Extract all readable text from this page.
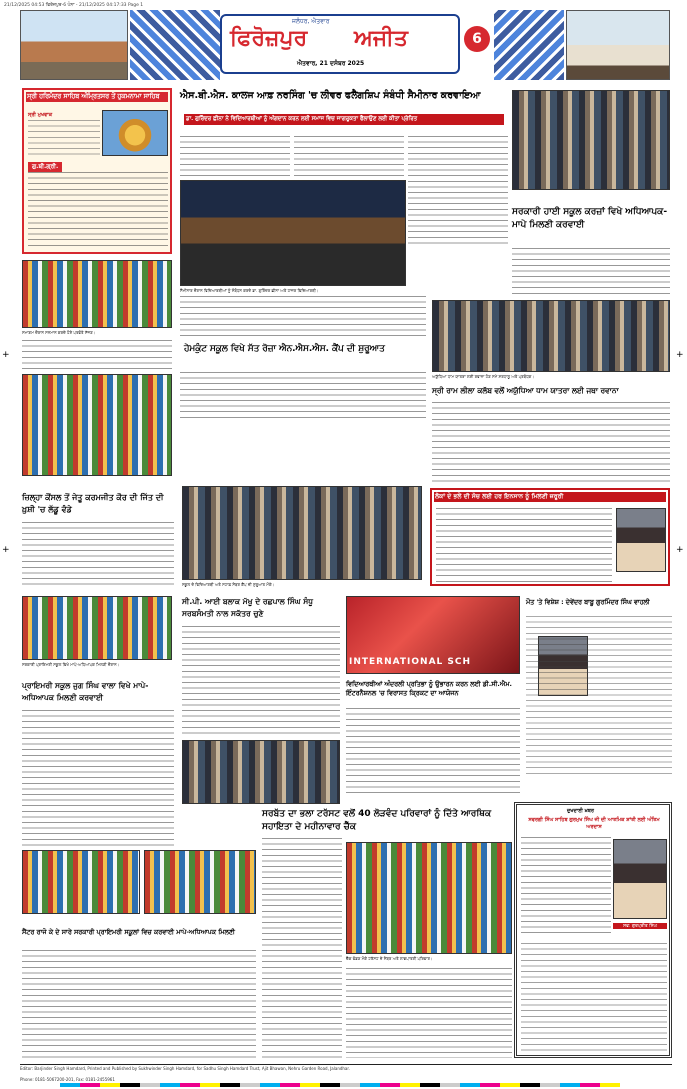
+
+
+
+
21/12/2025 04:53 ਫਿਰੋਜ਼ਪੁਰ-6 ਪੰਨਾ - 21/12/2025 04:17:33 Page 1
ਜਲੰਧਰ, ਐਤਵਾਰ
ਫਿਰੋਜ਼ਪੁਰ ਅਜੀਤ
ਐਤਵਾਰ, 21 ਦਸੰਬਰ 2025
6
ਸ੍ਰੀ ਹਰਿਮੰਦਰ ਸਾਹਿਬ ਅੰਮ੍ਰਿਤਸਰ ਤੋਂ ਹੁਕਮਨਾਮਾ ਸਾਹਿਬ
ਸ੍ਰੀ ਮੁਖਵਾਕ
ਗੁ.ਬੀ.ਗ੍ਰੀ.
ਐਸ.ਬੀ.ਐਸ. ਕਾਲਜ ਆਫ਼ ਨਰਸਿੰਗ 'ਚ ਲੀਵਰ ਫਲੈਗਸ਼ਿਪ ਸੰਬੰਧੀ ਸੈਮੀਨਾਰ ਕਰਵਾਇਆ
ਡਾ. ਗੁਰਿੰਦਰ ਛੀਨਾ ਨੇ ਵਿਦਿਆਰਥੀਆਂ ਨੂੰ ਅੰਗਦਾਨ ਕਰਨ ਲਈ ਸਮਾਜ ਵਿਚ ਜਾਗਰੂਕਤਾ ਫੈਲਾਉਣ ਲਈ ਕੀਤਾ ਪ੍ਰੇਰਿਤ
ਸੈਮੀਨਾਰ ਦੌਰਾਨ ਵਿਦਿਆਰਥੀਆਂ ਨੂੰ ਸੰਬੋਧਨ ਕਰਦੇ ਡਾ. ਗੁਰਿੰਦਰ ਛੀਨਾ ਅਤੇ ਹਾਜ਼ਰ ਵਿਦਿਆਰਥੀ।
ਸਰਕਾਰੀ ਹਾਈ ਸਕੂਲ ਕਰਜ਼ਾਂ ਵਿਖੇ ਅਧਿਆਪਕ-ਮਾਪੇ ਮਿਲਣੀ ਕਰਵਾਈ
ਸਮਾਗਮ ਦੌਰਾਨ ਸਨਮਾਨ ਕਰਦੇ ਹੋਏ ਪਤਵੰਤੇ ਸੱਜਣ।
ਹੇਮਕੁੰਟ ਸਕੂਲ ਵਿਖੇ ਸੱਤ ਰੋਜ਼ਾ ਐਨ.ਐਸ.ਐਸ. ਕੈਂਪ ਦੀ ਸ਼ੁਰੂਆਤ
ਅਯੁੱਧਿਆ ਧਾਮ ਯਾਤਰਾ ਲਈ ਰਵਾਨਾ ਹੋਣ ਸਮੇਂ ਸ਼ਰਧਾਲੂ ਅਤੇ ਪ੍ਰਬੰਧਕ।
ਸ੍ਰੀ ਰਾਮ ਲੀਲਾ ਕਲੱਬ ਵਲੋਂ ਅਯੁੱਧਿਆ ਧਾਮ ਯਾਤਰਾ ਲਈ ਜਥਾ ਰਵਾਨਾ
ਜ਼ਿਲ੍ਹਾ ਕੌਂਸਲ ਤੋਂ ਜੇਤੂ ਕਰਮਜੀਤ ਕੌਰ ਦੀ ਜਿੱਤ ਦੀ ਖ਼ੁਸ਼ੀ 'ਚ ਲੱਡੂ ਵੰਡੇ
ਸਕੂਲ ਦੇ ਵਿਦਿਆਰਥੀ ਅਤੇ ਸਟਾਫ਼ ਮੈਂਬਰ ਕੈਂਪ ਦੀ ਸ਼ੁਰੂਆਤ ਮੌਕੇ।
ਲੋਕਾਂ ਦੇ ਭਲੇ ਦੀ ਸੋਚ ਲਈ ਹਰ ਇਨਸਾਨ ਨੂੰ ਮਿਲਣੀ ਜ਼ਰੂਰੀ
ਸਰਕਾਰੀ ਪ੍ਰਾਇਮਰੀ ਸਕੂਲ ਵਿਖੇ ਮਾਪੇ-ਅਧਿਆਪਕ ਮਿਲਣੀ ਦੌਰਾਨ।
ਪ੍ਰਾਇਮਰੀ ਸਕੂਲ ਜੁਗ ਸਿੰਘ ਵਾਲਾ ਵਿਖੇ ਮਾਪੇ-ਅਧਿਆਪਕ ਮਿਲਣੀ ਕਰਵਾਈ
ਸੀ.ਪੀ. ਆਈ ਬਲਾਕ ਮੱਖੂ ਦੇ ਰਛਪਾਲ ਸਿੰਘ ਸੰਧੂ ਸਰਬਸੰਮਤੀ ਨਾਲ ਸਕੱਤਰ ਚੁਣੇ
INTERNATIONAL SCH
ਵਿਦਿਆਰਥੀਆਂ ਅੰਦਰਲੀ ਪ੍ਰਤਿਭਾ ਨੂੰ ਉਭਾਰਨ ਕਰਨ ਲਈ ਡੀ.ਸੀ.ਐਮ. ਇੰਟਰਨੈਸ਼ਨਲ 'ਚ ਵਿਰਾਸਤ ਕ੍ਰਿਕਟ ਦਾ ਆਯੋਜਨ
ਮੌਤ 'ਤੇ ਵਿਸ਼ੇਸ਼ : ਦੇਵੇਂਦਰ ਬਾਬੂ ਗੁਰਮਿੰਦਰ ਸਿੰਘ ਵਾਹਲੀ
ਸਰਬੱਤ ਦਾ ਭਲਾ ਟਰੱਸਟ ਵਲੋਂ 40 ਲੋੜਵੰਦ ਪਰਿਵਾਰਾਂ ਨੂੰ ਦਿੱਤੇ ਆਰਥਿਕ ਸਹਾਇਤਾ ਦੇ ਮਹੀਨਾਵਾਰ ਚੈੱਕ
ਚੈੱਕ ਵੰਡਣ ਮੌਕੇ ਟਰੱਸਟ ਦੇ ਮੈਂਬਰ ਅਤੇ ਲਾਭਪਾਤਰੀ ਪਰਿਵਾਰ।
ਸੈਂਟਰ ਰਾਜੋ ਕੇ ਦੇ ਸਾਰੇ ਸਰਕਾਰੀ ਪ੍ਰਾਇਮਰੀ ਸਕੂਲਾਂ ਵਿਚ ਕਰਵਾਈ ਮਾਪੇ-ਅਧਿਆਪਕ ਮਿਲਣੀ
ਦੁਖਦਾਈ ਖ਼ਬਰ
ਸਵਰਗੀ ਸਿੰਘ ਸਾਹਿਬ ਗੁਰਮੁਖ ਸਿੰਘ ਜੀ ਦੀ ਆਤਮਿਕ ਸ਼ਾਂਤੀ ਲਈ ਅੰਤਿਮ ਅਰਦਾਸ
ਸਵ: ਗੁਰਪ੍ਰੀਤ ਸਿੰਘ
Editor: Barjinder Singh Hamdard, Printed and Published by Sukhwinder Singh Hamdard, for Sadhu Singh Hamdard Trust, Ajit Bhawan, Nehru Garden Road, Jalandhar.
Phone: 0181-5067200-201, Fax: 0181-2455961
